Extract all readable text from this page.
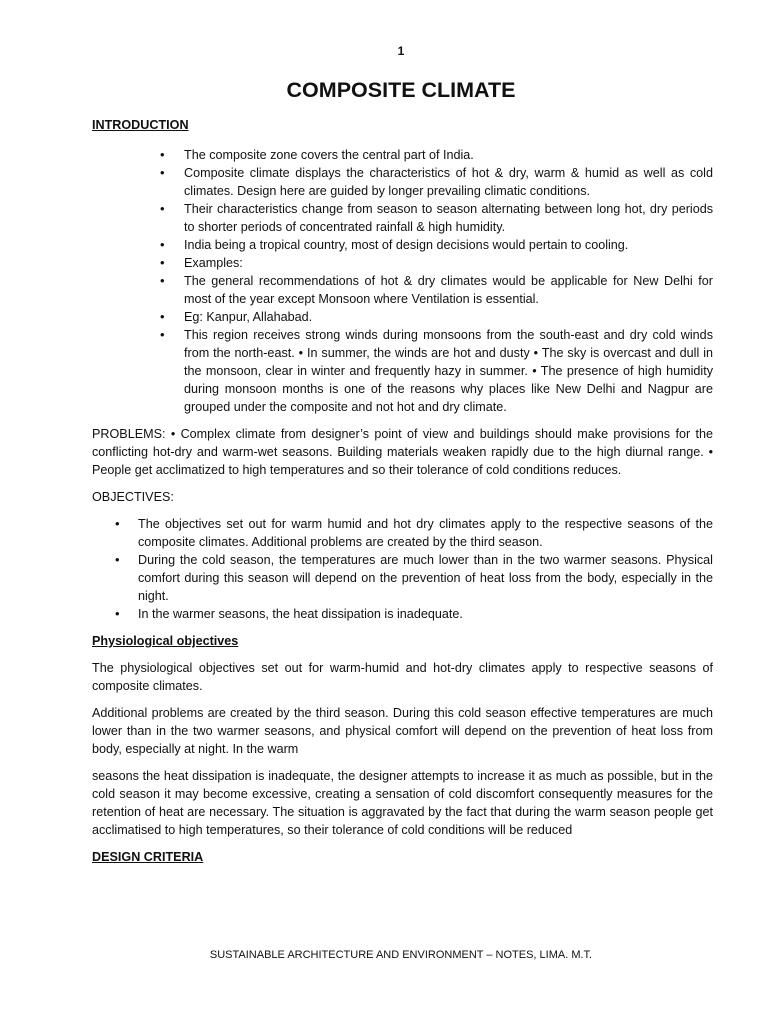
1
COMPOSITE CLIMATE

INTRODUCTION

• The composite zone covers the central part of India.
• Composite climate displays the characteristics of hot & dry, warm & humid as well as cold climates. Design here are guided by longer prevailing climatic conditions.
• Their characteristics change from season to season alternating between long hot, dry periods to shorter periods of concentrated rainfall & high humidity.
• India being a tropical country, most of design decisions would pertain to cooling.
• Examples:
• The general recommendations of hot & dry climates would be applicable for New Delhi for most of the year except Monsoon where Ventilation is essential.
• Eg: Kanpur, Allahabad.
• This region receives strong winds during monsoons from the south-east and dry cold winds from the north-east. • In summer, the winds are hot and dusty • The sky is overcast and dull in the monsoon, clear in winter and frequently hazy in summer. • The presence of high humidity during monsoon months is one of the reasons why places like New Delhi and Nagpur are grouped under the composite and not hot and dry climate.

PROBLEMS: • Complex climate from designer’s point of view and buildings should make provisions for the conflicting hot-dry and warm-wet seasons. Building materials weaken rapidly due to the high diurnal range. • People get acclimatized to high temperatures and so their tolerance of cold conditions reduces.

OBJECTIVES:

• The objectives set out for warm humid and hot dry climates apply to the respective seasons of the composite climates. Additional problems are created by the third season.
• During the cold season, the temperatures are much lower than in the two warmer seasons. Physical comfort during this season will depend on the prevention of heat loss from the body, especially in the night.
• In the warmer seasons, the heat dissipation is inadequate.

Physiological objectives

The physiological objectives set out for warm-humid and hot-dry climates apply to respective seasons of composite climates.

Additional problems are created by the third season. During this cold season effective temperatures are much lower than in the two warmer seasons, and physical comfort will depend on the prevention of heat loss from body, especially at night. In the warm

seasons the heat dissipation is inadequate, the designer attempts to increase it as much as possible, but in the cold season it may become excessive, creating a sensation of cold discomfort consequently measures for the retention of heat are necessary. The situation is aggravated by the fact that during the warm season people get acclimatised to high temperatures, so their tolerance of cold conditions will be reduced

DESIGN CRITERIA

SUSTAINABLE ARCHITECTURE AND ENVIRONMENT – NOTES, LIMA. M.T.
